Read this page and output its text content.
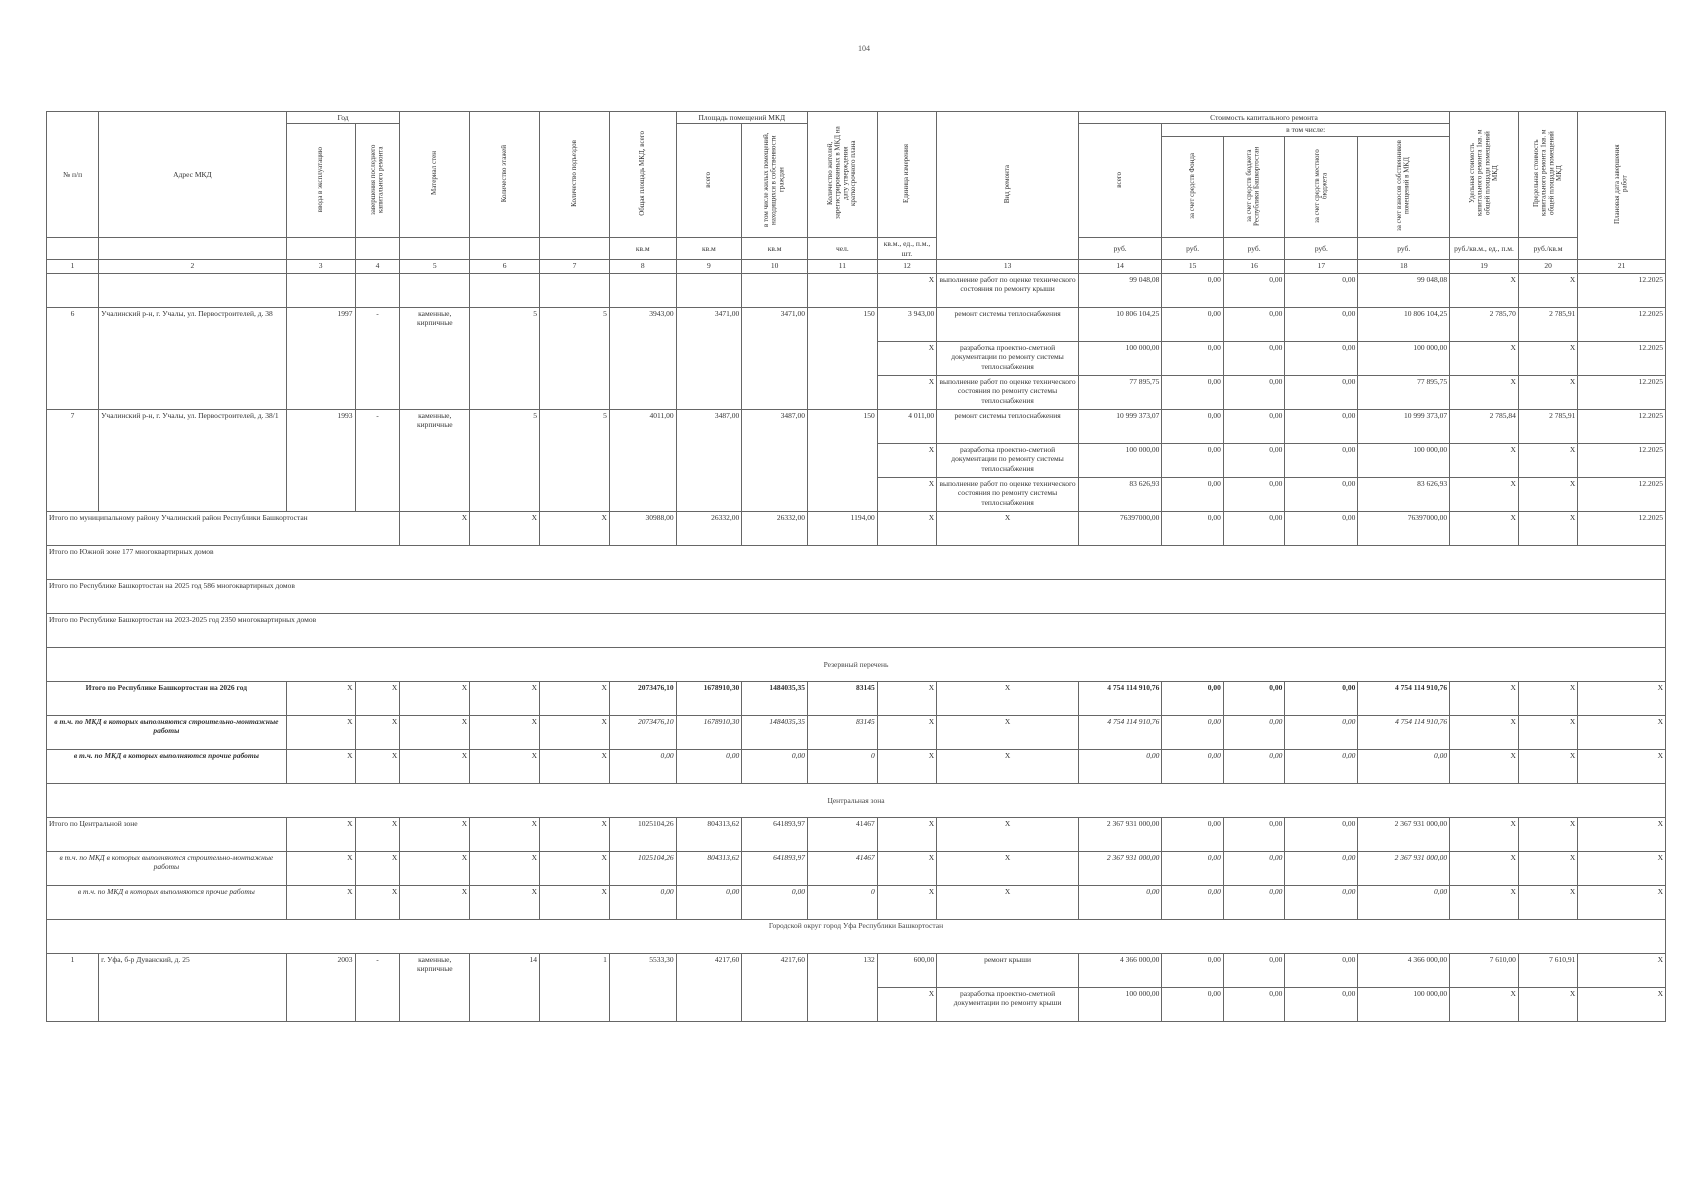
104
№ п/п	Адрес МКД	Год		Материал стен	Количество этажей	Количество подъездов	Общая площадь МКД, всего	Площадь помещений МКД		Количество жителей, зарегистрированных в МКД на дату утверждения краткосрочного плана	Единица измерения	Вид ремонта	Стоимость капитального ремонта					Удельная стоимость капитального ремонта 1кв. м общей площади помещений МКД	Предельная стоимость капитального ремонта 1кв. м общей площади помещений МКД	Плановая дата завершения работ
		ввода в эксплуатацию	завершения последнего капитального ремонта					всего	в том числе жилых помещений, находящихся в собственности граждан				всего	в том числе:						
														за счет средств Фонда	за счет средств бюджета Республики Башкортостан	за счет средств местного бюджета	за счет взносов собственников помещений в МКД			
							кв.м	кв.м	кв.м	чел.	кв.м., ед., п.м., шт.		руб.	руб.	руб.	руб.	руб.	руб./кв.м., ед., п.м.	руб./кв.м	
1	2	3	4	5	6	7	8	9	10	11	12	13	14	15	16	17	18	19	20	21
											X	выполнение работ по оценке технического состояния по ремонту крыши	99 048,08	0,00	0,00	0,00	99 048,08	X	X	12.2025
6	Учалинский р-н, г. Учалы, ул. Первостроителей, д. 38	1997	-	каменные, кирпичные	5	5	3943,00	3471,00	3471,00	150	3 943,00	ремонт системы теплоснабжения	10 806 104,25	0,00	0,00	0,00	10 806 104,25	2 785,70	2 785,91	12.2025
											X	разработка проектно-сметной документации по ремонту системы теплоснабжения	100 000,00	0,00	0,00	0,00	100 000,00	X	X	12.2025
											X	выполнение работ по оценке технического состояния по ремонту системы теплоснабжения	77 895,75	0,00	0,00	0,00	77 895,75	X	X	12.2025
7	Учалинский р-н, г. Учалы, ул. Первостроителей, д. 38/1	1993	-	каменные, кирпичные	5	5	4011,00	3487,00	3487,00	150	4 011,00	ремонт системы теплоснабжения	10 999 373,07	0,00	0,00	0,00	10 999 373,07	2 785,84	2 785,91	12.2025
											X	разработка проектно-сметной документации по ремонту системы теплоснабжения	100 000,00	0,00	0,00	0,00	100 000,00	X	X	12.2025
											X	выполнение работ по оценке технического состояния по ремонту системы теплоснабжения	83 626,93	0,00	0,00	0,00	83 626,93	X	X	12.2025
Итого по муниципальному району Учалинский район Республики Башкортостан				X	X	X	30988,00	26332,00	26332,00	1194,00	X	X	76397000,00	0,00	0,00	0,00	76397000,00	X	X	12.2025
Итого по Южной зоне 177 многоквартирных домов																				
Итого по Республике Башкортостан на 2025 год 586 многоквартирных домов																				
Итого по Республике Башкортостан на 2023-2025 год 2350 многоквартирных домов																				
Резервный перечень																				
Итого по Республике Башкортостан на 2026 год		X	X	X	X	X	2073476,10	1678910,30	1484035,35	83145	X	X	4 754 114 910,76	0,00	0,00	0,00	4 754 114 910,76	X	X	X
в т.ч. по МКД в которых выполняются строительно-монтажные работы		X	X	X	X	X	2073476,10	1678910,30	1484035,35	83145	X	X	4 754 114 910,76	0,00	0,00	0,00	4 754 114 910,76	X	X	X
в т.ч. по МКД в которых выполняются прочие работы		X	X	X	X	X	0,00	0,00	0,00	0	X	X	0,00	0,00	0,00	0,00	0,00	X	X	X
Центральная зона																				
Итого по Центральной зоне		X	X	X	X	X	1025104,26	804313,62	641893,97	41467	X	X	2 367 931 000,00	0,00	0,00	0,00	2 367 931 000,00	X	X	X
в т.ч. по МКД в которых выполняются строительно-монтажные работы		X	X	X	X	X	1025104,26	804313,62	641893,97	41467	X	X	2 367 931 000,00	0,00	0,00	0,00	2 367 931 000,00	X	X	X
в т.ч. по МКД в которых выполняются прочие работы		X	X	X	X	X	0,00	0,00	0,00	0	X	X	0,00	0,00	0,00	0,00	0,00	X	X	X
Городской округ город Уфа Республики Башкортостан																				
1	г. Уфа, б-р Дуванский, д. 25	2003	-	каменные, кирпичные	14	1	5533,30	4217,60	4217,60	132	600,00	ремонт крыши	4 366 000,00	0,00	0,00	0,00	4 366 000,00	7 610,00	7 610,91	X
											X	разработка проектно-сметной документации по ремонту крыши	100 000,00	0,00	0,00	0,00	100 000,00	X	X	X
